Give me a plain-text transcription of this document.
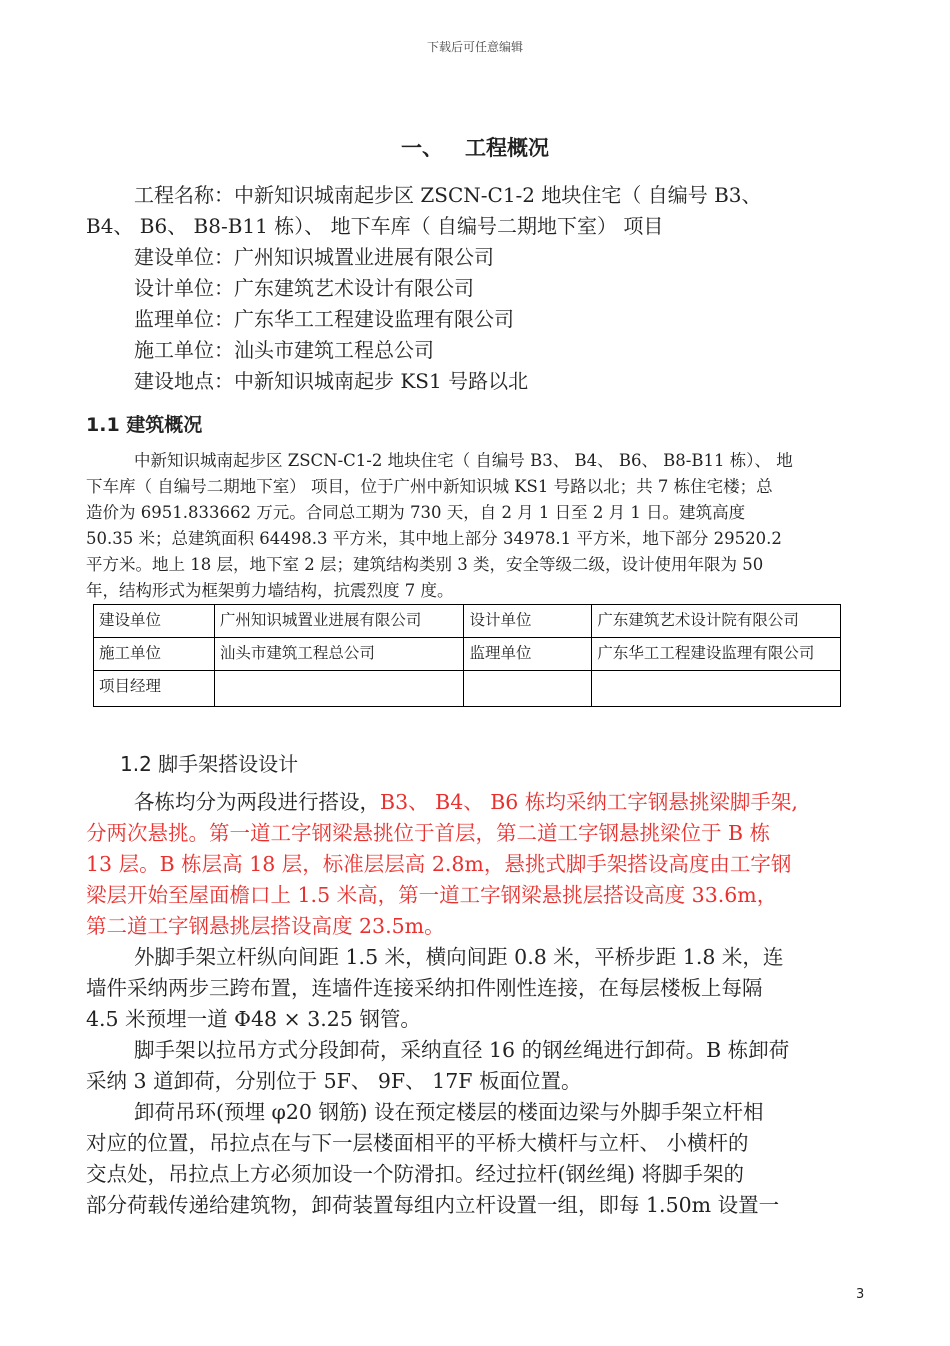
下载后可任意编辑
一、 工程概况
工程名称：中新知识城南起步区 ZSCN-C1-2 地块住宅（ 自编号 B3、
B4、 B6、 B8-B11 栋）、 地下车库（ 自编号二期地下室） 项目
建设单位：广州知识城置业进展有限公司
设计单位：广东建筑艺术设计有限公司
监理单位：广东华工工程建设监理有限公司
施工单位：汕头市建筑工程总公司
建设地点：中新知识城南起步 KS1 号路以北
1.1 建筑概况
中新知识城南起步区 ZSCN-C1-2 地块住宅（ 自编号 B3、 B4、 B6、 B8-B11 栋）、 地
下车库（ 自编号二期地下室） 项目，位于广州中新知识城 KS1 号路以北；共 7 栋住宅楼；总
造价为 6951.833662 万元。合同总工期为 730 天，自 2 月 1 日至 2 月 1 日。建筑高度
50.35 米；总建筑面积 64498.3 平方米，其中地上部分 34978.1 平方米，地下部分 29520.2
平方米。地上 18 层，地下室 2 层；建筑结构类别 3 类，安全等级二级，设计使用年限为 50
年，结构形式为框架剪力墙结构，抗震烈度 7 度。
建设单位	广州知识城置业进展有限公司	设计单位	广东建筑艺术设计院有限公司
施工单位	汕头市建筑工程总公司	监理单位	广东华工工程建设监理有限公司
项目经理			
1.2 脚手架搭设设计
各栋均分为两段进行搭设，B3、 B4、 B6 栋均采纳工字钢悬挑梁脚手架,
分两次悬挑。第一道工字钢梁悬挑位于首层，第二道工字钢悬挑梁位于 B 栋
13 层。B 栋层高 18 层，标准层层高 2.8m，悬挑式脚手架搭设高度由工字钢
梁层开始至屋面檐口上 1.5 米高，第一道工字钢梁悬挑层搭设高度 33.6m，
第二道工字钢悬挑层搭设高度 23.5m。
外脚手架立杆纵向间距 1.5 米，横向间距 0.8 米，平桥步距 1.8 米，连
墙件采纳两步三跨布置，连墙件连接采纳扣件刚性连接，在每层楼板上每隔
4.5 米预埋一道 Φ48 × 3.25 钢管。
脚手架以拉吊方式分段卸荷，采纳直径 16 的钢丝绳进行卸荷。B 栋卸荷
采纳 3 道卸荷，分别位于 5F、 9F、 17F 板面位置。
卸荷吊环(预埋 φ20 钢筋) 设在预定楼层的楼面边梁与外脚手架立杆相
对应的位置，吊拉点在与下一层楼面相平的平桥大横杆与立杆、 小横杆的
交点处，吊拉点上方必须加设一个防滑扣。经过拉杆(钢丝绳) 将脚手架的
部分荷载传递给建筑物，卸荷装置每组内立杆设置一组，即每 1.50m 设置一
3
